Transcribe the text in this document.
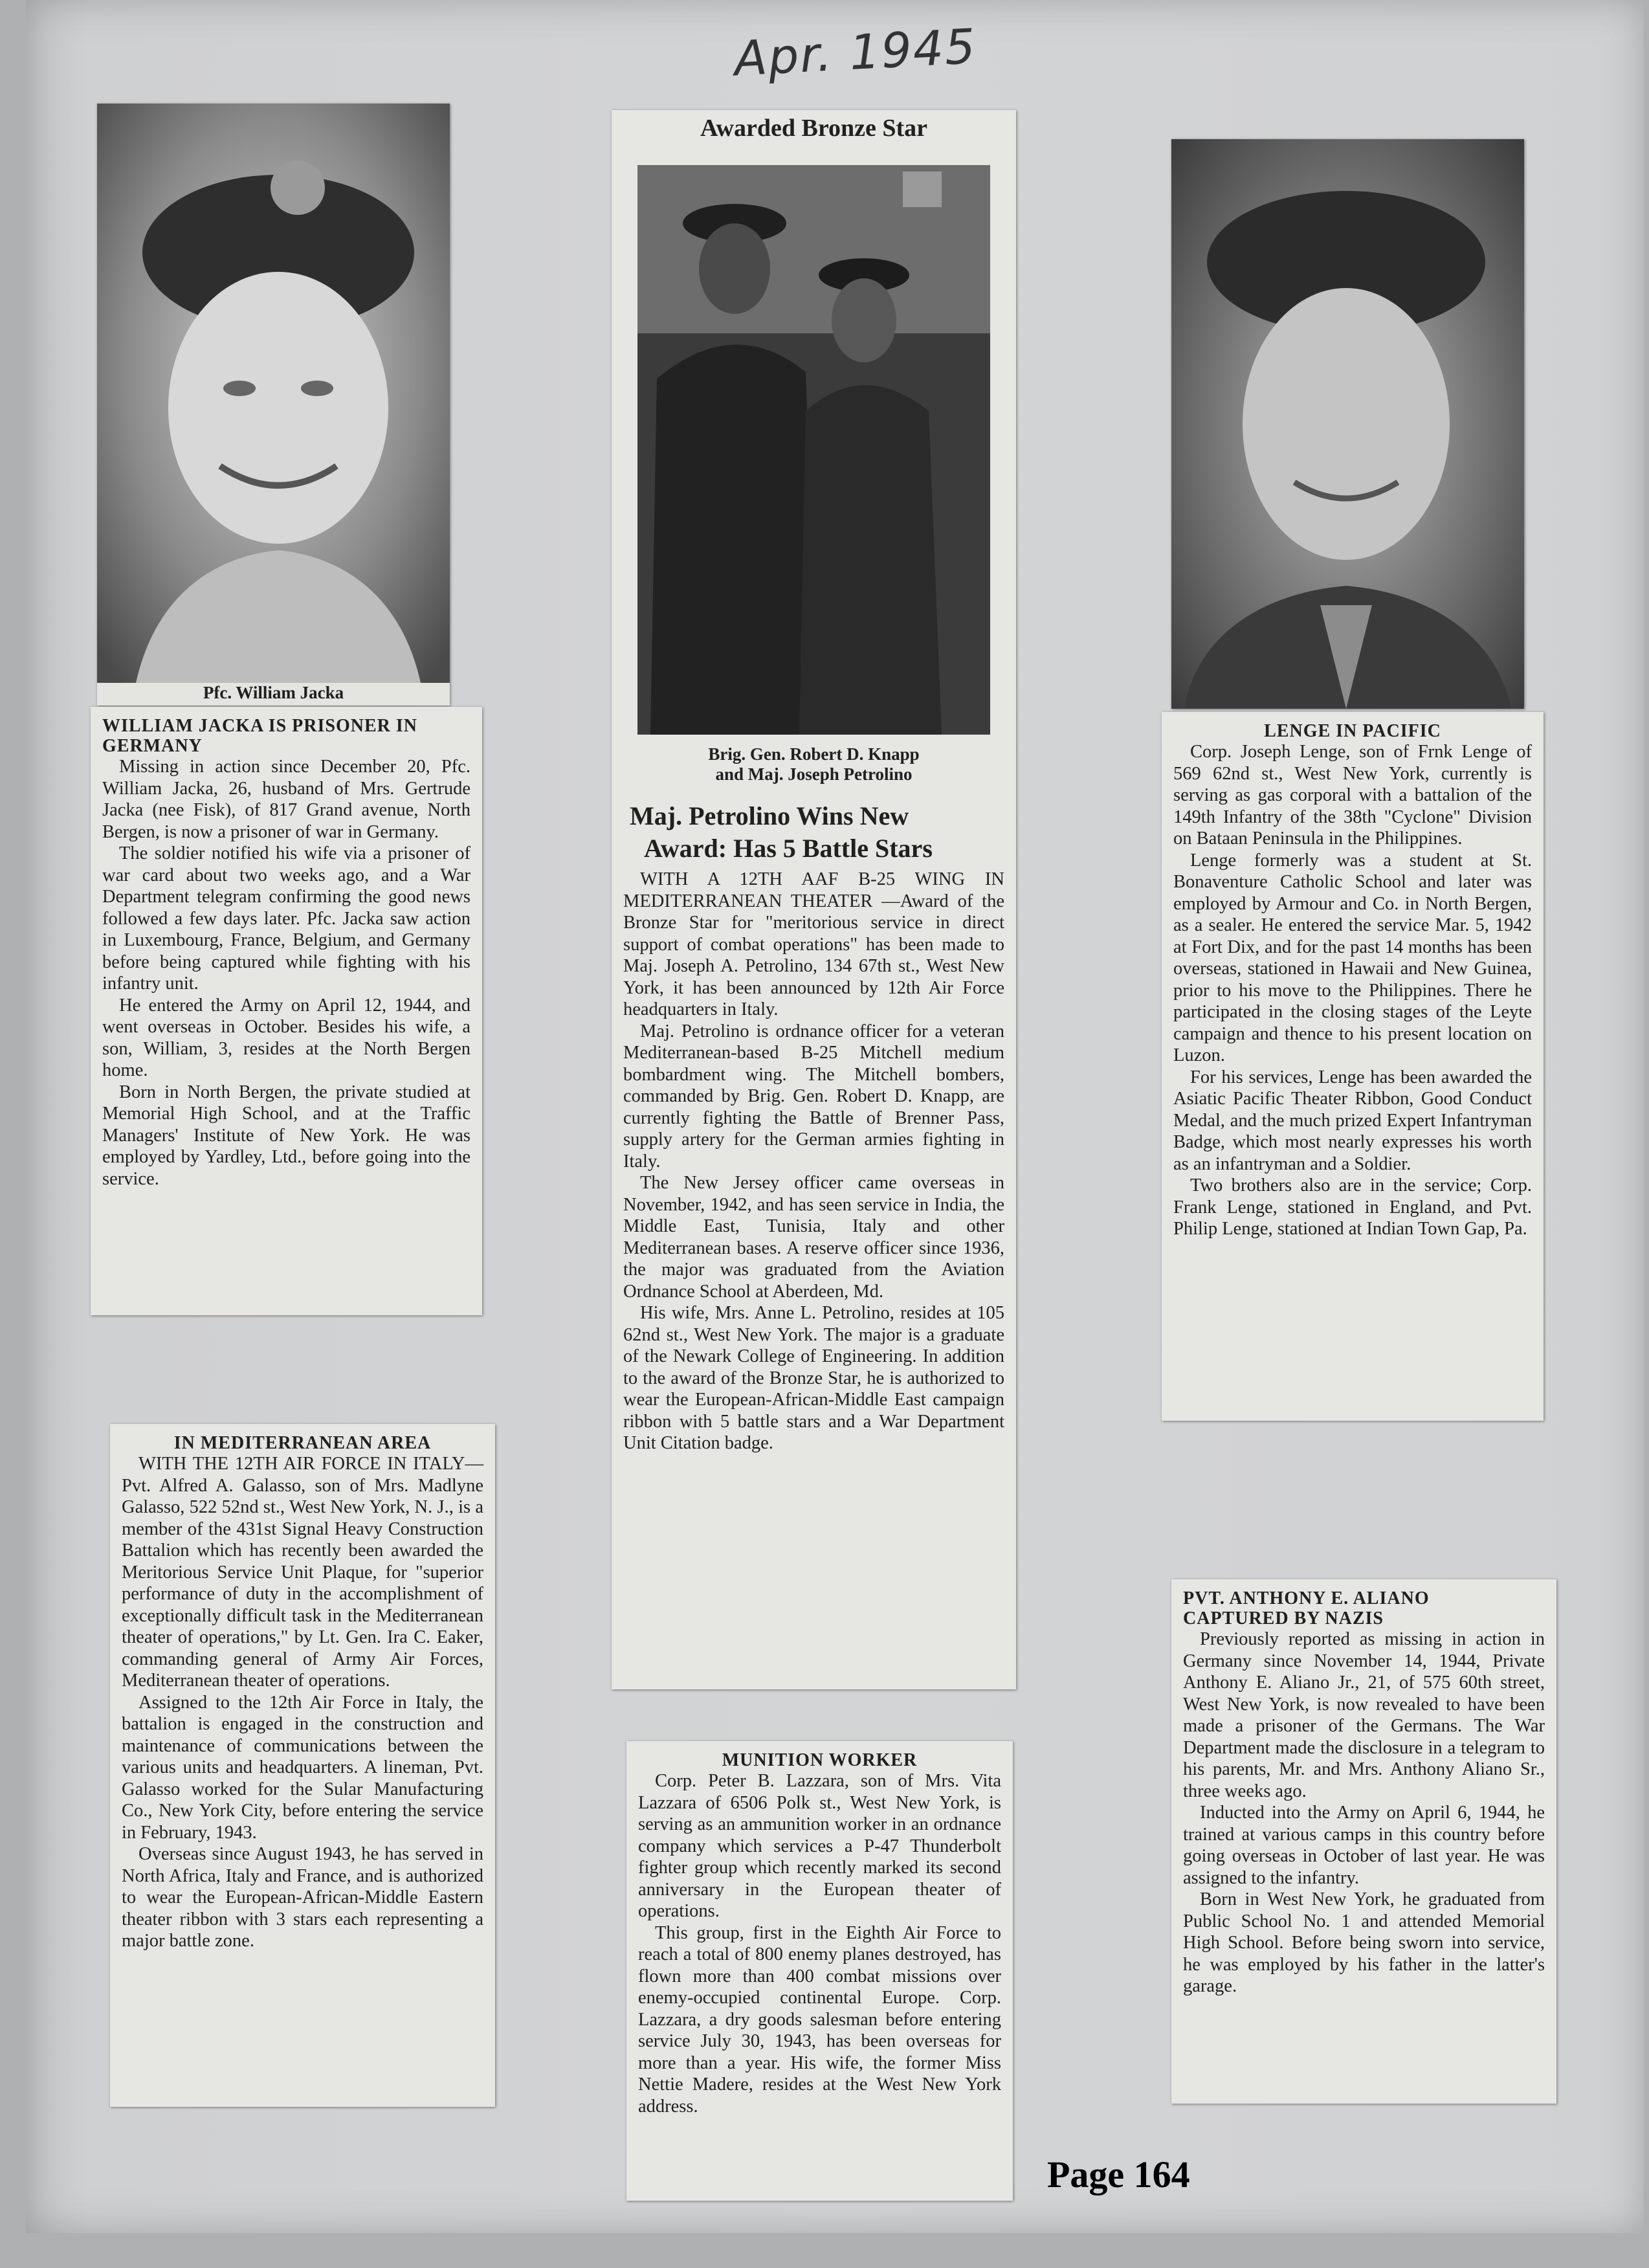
Apr. 1945
Pfc. William Jacka
WILLIAM JACKA IS PRISONER IN GERMANY

Missing in action since December 20, Pfc. William Jacka, 26, husband of Mrs. Gertrude Jacka (nee Fisk), of 817 Grand avenue, North Bergen, is now a prisoner of war in Germany.

The soldier notified his wife via a prisoner of war card about two weeks ago, and a War Department telegram confirming the good news followed a few days later. Pfc. Jacka saw action in Luxembourg, France, Belgium, and Germany before being captured while fighting with his infantry unit.

He entered the Army on April 12, 1944, and went overseas in October. Besides his wife, a son, William, 3, resides at the North Bergen home.

Born in North Bergen, the private studied at Memorial High School, and at the Traffic Managers' Institute of New York. He was employed by Yardley, Ltd., before going into the service.

Awarded Bronze Star
Brig. Gen. Robert D. Knapp
and Maj. Joseph Petrolino
Maj. Petrolino Wins New
Award: Has 5 Battle Stars

WITH A 12TH AAF B-25 WING IN MEDITERRANEAN THEATER —Award of the Bronze Star for "meritorious service in direct support of combat operations" has been made to Maj. Joseph A. Petrolino, 134 67th st., West New York, it has been announced by 12th Air Force headquarters in Italy.

Maj. Petrolino is ordnance officer for a veteran Mediterranean-based B-25 Mitchell medium bombardment wing. The Mitchell bombers, commanded by Brig. Gen. Robert D. Knapp, are currently fighting the Battle of Brenner Pass, supply artery for the German armies fighting in Italy.

The New Jersey officer came overseas in November, 1942, and has seen service in India, the Middle East, Tunisia, Italy and other Mediterranean bases. A reserve officer since 1936, the major was graduated from the Aviation Ordnance School at Aberdeen, Md.

His wife, Mrs. Anne L. Petrolino, resides at 105 62nd st., West New York. The major is a graduate of the Newark College of Engineering. In addition to the award of the Bronze Star, he is authorized to wear the European-African-Middle East campaign ribbon with 5 battle stars and a War Department Unit Citation badge.

LENGE IN PACIFIC

Corp. Joseph Lenge, son of Frnk Lenge of 569 62nd st., West New York, currently is serving as gas corporal with a battalion of the 149th Infantry of the 38th "Cyclone" Division on Bataan Peninsula in the Philippines.

Lenge formerly was a student at St. Bonaventure Catholic School and later was employed by Armour and Co. in North Bergen, as a sealer. He entered the service Mar. 5, 1942 at Fort Dix, and for the past 14 months has been overseas, stationed in Hawaii and New Guinea, prior to his move to the Philippines. There he participated in the closing stages of the Leyte campaign and thence to his present location on Luzon.

For his services, Lenge has been awarded the Asiatic Pacific Theater Ribbon, Good Conduct Medal, and the much prized Expert Infantryman Badge, which most nearly expresses his worth as an infantryman and a Soldier.

Two brothers also are in the service; Corp. Frank Lenge, stationed in England, and Pvt. Philip Lenge, stationed at Indian Town Gap, Pa.

IN MEDITERRANEAN AREA

WITH THE 12TH AIR FORCE IN ITALY—Pvt. Alfred A. Galasso, son of Mrs. Madlyne Galasso, 522 52nd st., West New York, N. J., is a member of the 431st Signal Heavy Construction Battalion which has recently been awarded the Meritorious Service Unit Plaque, for "superior performance of duty in the accomplishment of exceptionally difficult task in the Mediterranean theater of operations," by Lt. Gen. Ira C. Eaker, commanding general of Army Air Forces, Mediterranean theater of operations.

Assigned to the 12th Air Force in Italy, the battalion is engaged in the construction and maintenance of communications between the various units and headquarters. A lineman, Pvt. Galasso worked for the Sular Manufacturing Co., New York City, before entering the service in February, 1943.

Overseas since August 1943, he has served in North Africa, Italy and France, and is authorized to wear the European-African-Middle Eastern theater ribbon with 3 stars each representing a major battle zone.

MUNITION WORKER

Corp. Peter B. Lazzara, son of Mrs. Vita Lazzara of 6506 Polk st., West New York, is serving as an ammunition worker in an ordnance company which services a P-47 Thunderbolt fighter group which recently marked its second anniversary in the European theater of operations.

This group, first in the Eighth Air Force to reach a total of 800 enemy planes destroyed, has flown more than 400 combat missions over enemy-occupied continental Europe. Corp. Lazzara, a dry goods salesman before entering service July 30, 1943, has been overseas for more than a year. His wife, the former Miss Nettie Madere, resides at the West New York address.

PVT. ANTHONY E. ALIANO
CAPTURED BY NAZIS

Previously reported as missing in action in Germany since November 14, 1944, Private Anthony E. Aliano Jr., 21, of 575 60th street, West New York, is now revealed to have been made a prisoner of the Germans. The War Department made the disclosure in a telegram to his parents, Mr. and Mrs. Anthony Aliano Sr., three weeks ago.

Inducted into the Army on April 6, 1944, he trained at various camps in this country before going overseas in October of last year. He was assigned to the infantry.

Born in West New York, he graduated from Public School No. 1 and attended Memorial High School. Before being sworn into service, he was employed by his father in the latter's garage.

Page 164
